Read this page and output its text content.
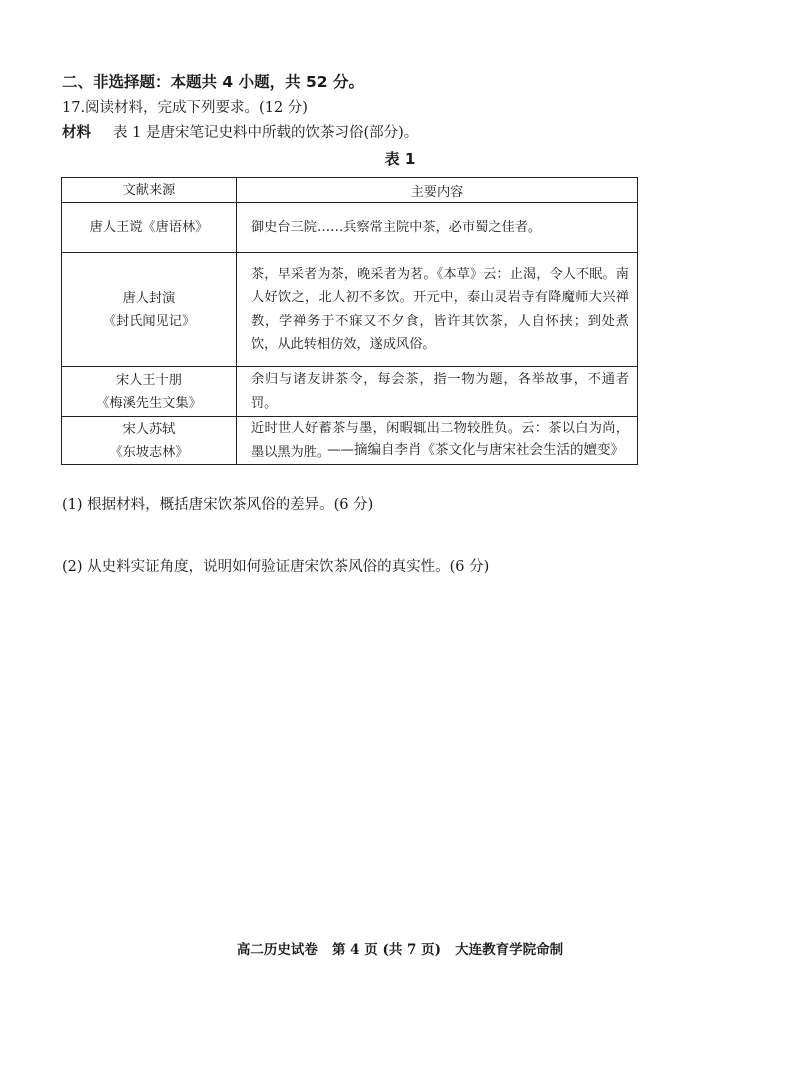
二、非选择题：本题共 4 小题，共 52 分。
17.阅读材料，完成下列要求。(12 分)
材料 表 1 是唐宋笔记史料中所载的饮茶习俗(部分)。
表 1
文献来源	主要内容

唐人王谠《唐语林》	御史台三院……兵察常主院中茶，必市蜀之佳者。

唐人封演
《封氏闻见记》	茶，早采者为茶，晚采者为茗。《本草》云：止渴，令人不眠。南人好饮之，北人初不多饮。开元中，泰山灵岩寺有降魔师大兴禅教，学禅务于不寐又不夕食，皆许其饮茶，人自怀挟；到处煮饮，从此转相仿效，遂成风俗。

宋人王十朋
《梅溪先生文集》	余归与诸友讲茶令，每会茶，指一物为题，各举故事，不通者罚。

宋人苏轼
《东坡志林》	近时世人好蓄茶与墨，闲暇辄出二物较胜负。云：茶以白为尚，墨以黑为胜。
——摘编自李肖《茶文化与唐宋社会生活的嬗变》
(1) 根据材料，概括唐宋饮茶风俗的差异。(6 分)
(2) 从史料实证角度，说明如何验证唐宋饮茶风俗的真实性。(6 分)
高二历史试卷   第 4 页 (共 7 页)   大连教育学院命制
